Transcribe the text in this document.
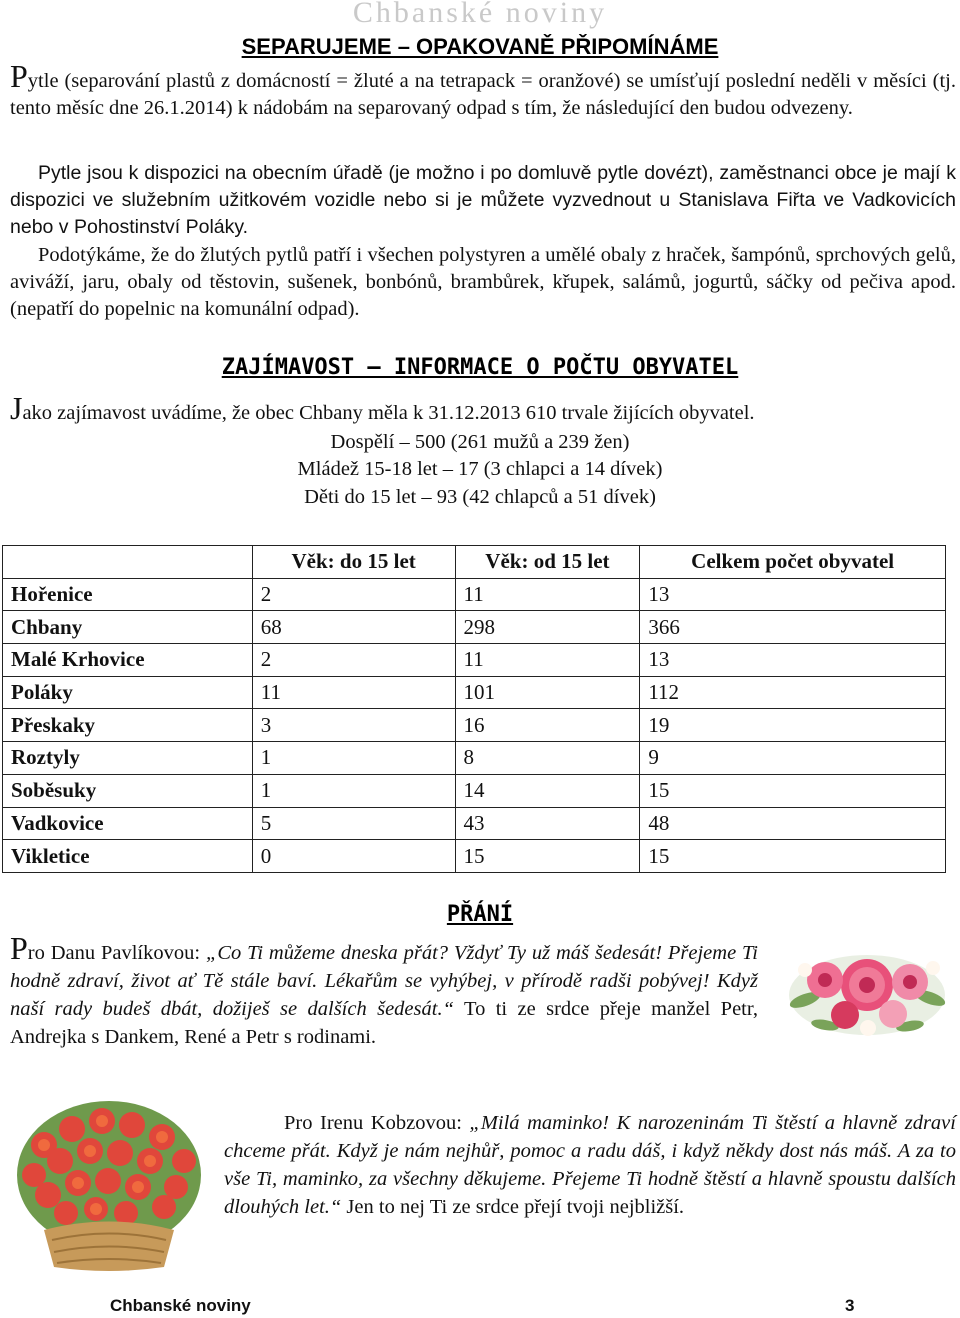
Chbanské noviny
SEPARUJEME – OPAKOVANĚ PŘIPOMÍNÁME
Pytle (separování plastů z domácností = žluté a na tetrapack = oranžové) se umísťují poslední neděli v měsíci (tj. tento měsíc dne 26.1.2014) k nádobám na separovaný odpad s tím, že následující den budou odvezeny.
Pytle jsou k dispozici na obecním úřadě (je možno i po domluvě pytle dovézt), zaměstnanci obce je mají k dispozici ve služebním užitkovém vozidle nebo si je můžete vyzvednout u Stanislava Fiřta ve Vadkovicích nebo v Pohostinství Poláky.
Podotýkáme, že do žlutých pytlů patří i všechen polystyren a umělé obaly z hraček, šampónů, sprchových gelů, aviváží, jaru, obaly od těstovin, sušenek, bonbónů, brambůrek, křupek, salámů, jogurtů, sáčky od pečiva apod. (nepatří do popelnic na komunální odpad).
ZAJÍMAVOST – INFORMACE O POČTU OBYVATEL
Jako zajímavost uvádíme, že obec Chbany měla k 31.12.2013 610 trvale žijících obyvatel.
Dospělí – 500 (261 mužů a 239 žen)
Mládež 15-18 let – 17 (3 chlapci a 14 dívek)
Děti do 15 let – 93 (42 chlapců a 51 dívek)
	Věk: do 15 let	Věk: od 15 let	Celkem počet obyvatel
Hořenice	2	11	13
Chbany	68	298	366
Malé Krhovice	2	11	13
Poláky	11	101	112
Přeskaky	3	16	19
Roztyly	1	8	9
Soběsuky	1	14	15
Vadkovice	5	43	48
Vikletice	0	15	15
PŘÁNÍ
Pro Danu Pavlíkovou: „Co Ti můžeme dneska přát? Vždyť Ty už máš šedesát! Přejeme Ti hodně zdraví, život ať Tě stále baví. Lékařům se vyhýbej, v přírodě radši pobývej! Když naší rady budeš dbát, dožiješ se dalších šedesát.“ To ti ze srdce přeje manžel Petr, Andrejka s Dankem, René a Petr s rodinami.
Pro Irenu Kobzovou: „Milá maminko! K narozeninám Ti štěstí a hlavně zdraví chceme přát. Když je nám nejhůř, pomoc a radu dáš, i když někdy dost nás máš. A za to vše Ti, maminko, za všechny děkujeme. Přejeme Ti hodně štěstí a hlavně spoustu dalších dlouhých let.“ Jen to nej Ti ze srdce přejí tvoji nejbližší.
Chbanské noviny	3
